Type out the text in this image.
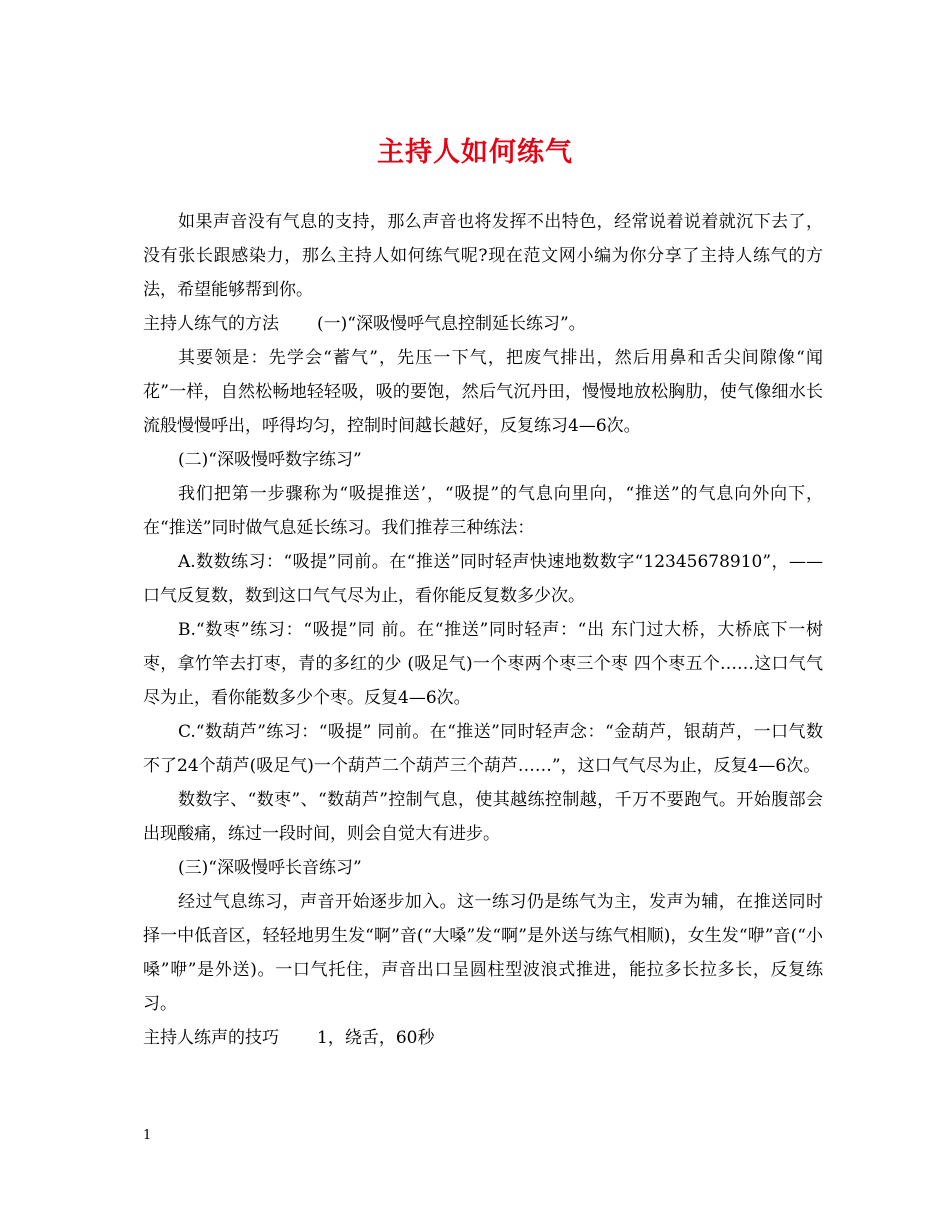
主持人如何练气

如果声音没有气息的支持，那么声音也将发挥不出特色，经常说着说着就沉下去了，没有张长跟感染力，那么主持人如何练气呢?现在范文网小编为你分享了主持人练气的方法，希望能够帮到你。

主持人练气的方法 (一)“深吸慢呼气息控制延长练习”。

其要领是：先学会“蓄气”，先压一下气，把废气排出，然后用鼻和舌尖间隙像“闻花”一样，自然松畅地轻轻吸，吸的要饱，然后气沉丹田，慢慢地放松胸肋，使气像细水长流般慢慢呼出，呼得均匀，控制时间越长越好，反复练习4—6次。

(二)“深吸慢呼数字练习”

我们把第一步骤称为“吸提推送’，“吸提”的气息向里向，“推送”的气息向外向下，在“推送”同时做气息延长练习。我们推荐三种练法：

A.数数练习：“吸提”同前。在“推送”同时轻声快速地数数字“12345678910”，——口气反复数，数到这口气气尽为止，看你能反复数多少次。

B.“数枣”练习：“吸提”同 前。在“推送”同时轻声：“出 东门过大桥，大桥底下一树枣，拿竹竿去打枣，青的多红的少 (吸足气)一个枣两个枣三个枣 四个枣五个……这口气气尽为止，看你能数多少个枣。反复4—6次。

C.“数葫芦”练习：“吸提” 同前。在“推送”同时轻声念：“金葫芦，银葫芦，一口气数不了24个葫芦(吸足气)一个葫芦二个葫芦三个葫芦……”，这口气气尽为止，反复4—6次。

数数字、“数枣”、“数葫芦”控制气息，使其越练控制越，千万不要跑气。开始腹部会出现酸痛，练过一段时间，则会自觉大有进步。

(三)“深吸慢呼长音练习”

经过气息练习，声音开始逐步加入。这一练习仍是练气为主，发声为辅，在推送同时择一中低音区，轻轻地男生发“啊”音(“大嗓”发“啊”是外送与练气相顺)，女生发“咿”音(“小嗓”咿”是外送)。一口气托住，声音出口呈圆柱型波浪式推进，能拉多长拉多长，反复练习。

主持人练声的技巧 1，绕舌，60秒

1
